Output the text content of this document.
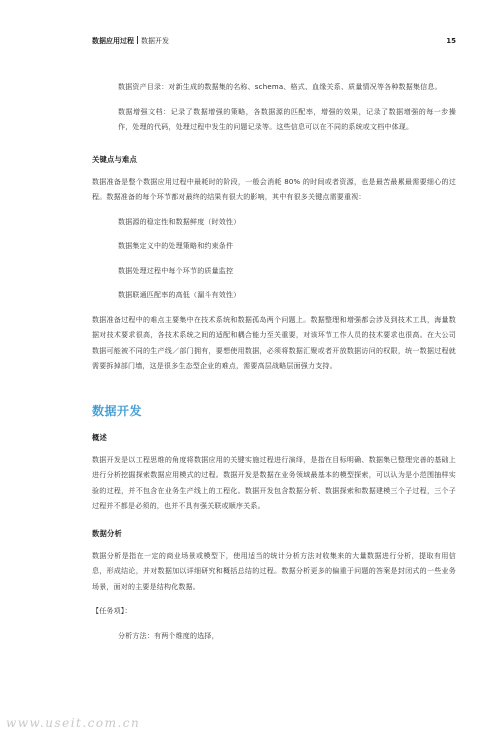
数据应用过程 数据开发	15

数据资产目录：对新生成的数据集的名称、schema、格式、血缘关系、质量情况等各种数据集信息。

数据增强文档：记录了数据增强的策略，各数据源的匹配率，增强的效果，记录了数据增强的每一步操作，处理的代码，处理过程中发生的问题记录等。这些信息可以在不同的系统或文档中体现。

关键点与难点

数据准备是整个数据应用过程中最耗时的阶段，一般会消耗 80% 的时间或者资源，也是最苦最累最需要细心的过程。数据准备的每个环节都对最终的结果有很大的影响，其中有很多关键点需要重视：

数据源的稳定性和数据鲜度（时效性）

数据集定义中的处理策略和约束条件

数据处理过程中每个环节的质量监控

数据联通匹配率的高低（漏斗有效性）

数据准备过程中的难点主要集中在技术系统和数据孤岛两个问题上。数据整理和增强都会涉及到技术工具，海量数据对技术要求很高，各技术系统之间的适配和耦合能力至关重要，对该环节工作人员的技术要求也很高。在大公司数据可能被不同的生产线／部门拥有，要想使用数据，必须将数据汇聚或者开放数据访问的权限，统一数据过程就需要拆掉部门墙，这是很多生态型企业的难点，需要高层战略层面强力支持。

数据开发

概述

数据开发是以工程思维的角度将数据应用的关键实施过程进行演绎，是指在目标明确、数据集已整理完善的基础上进行分析挖掘探索数据应用模式的过程。数据开发是数据在业务领域最基本的模型探索，可以认为是小范围抽样实验的过程，并不包含在业务生产线上的工程化。数据开发包含数据分析、数据探索和数据建模三个子过程，三个子过程并不都是必须的，也并不具有强关联或顺序关系。

数据分析

数据分析是指在一定的商业场景或模型下，使用适当的统计分析方法对收集来的大量数据进行分析，提取有用信息，形成结论，并对数据加以详细研究和概括总结的过程。数据分析更多的偏重于问题的答案是封闭式的一些业务场景，面对的主要是结构化数据。

【任务项】：

分析方法：有两个维度的选择，

www.useit.com.cn
